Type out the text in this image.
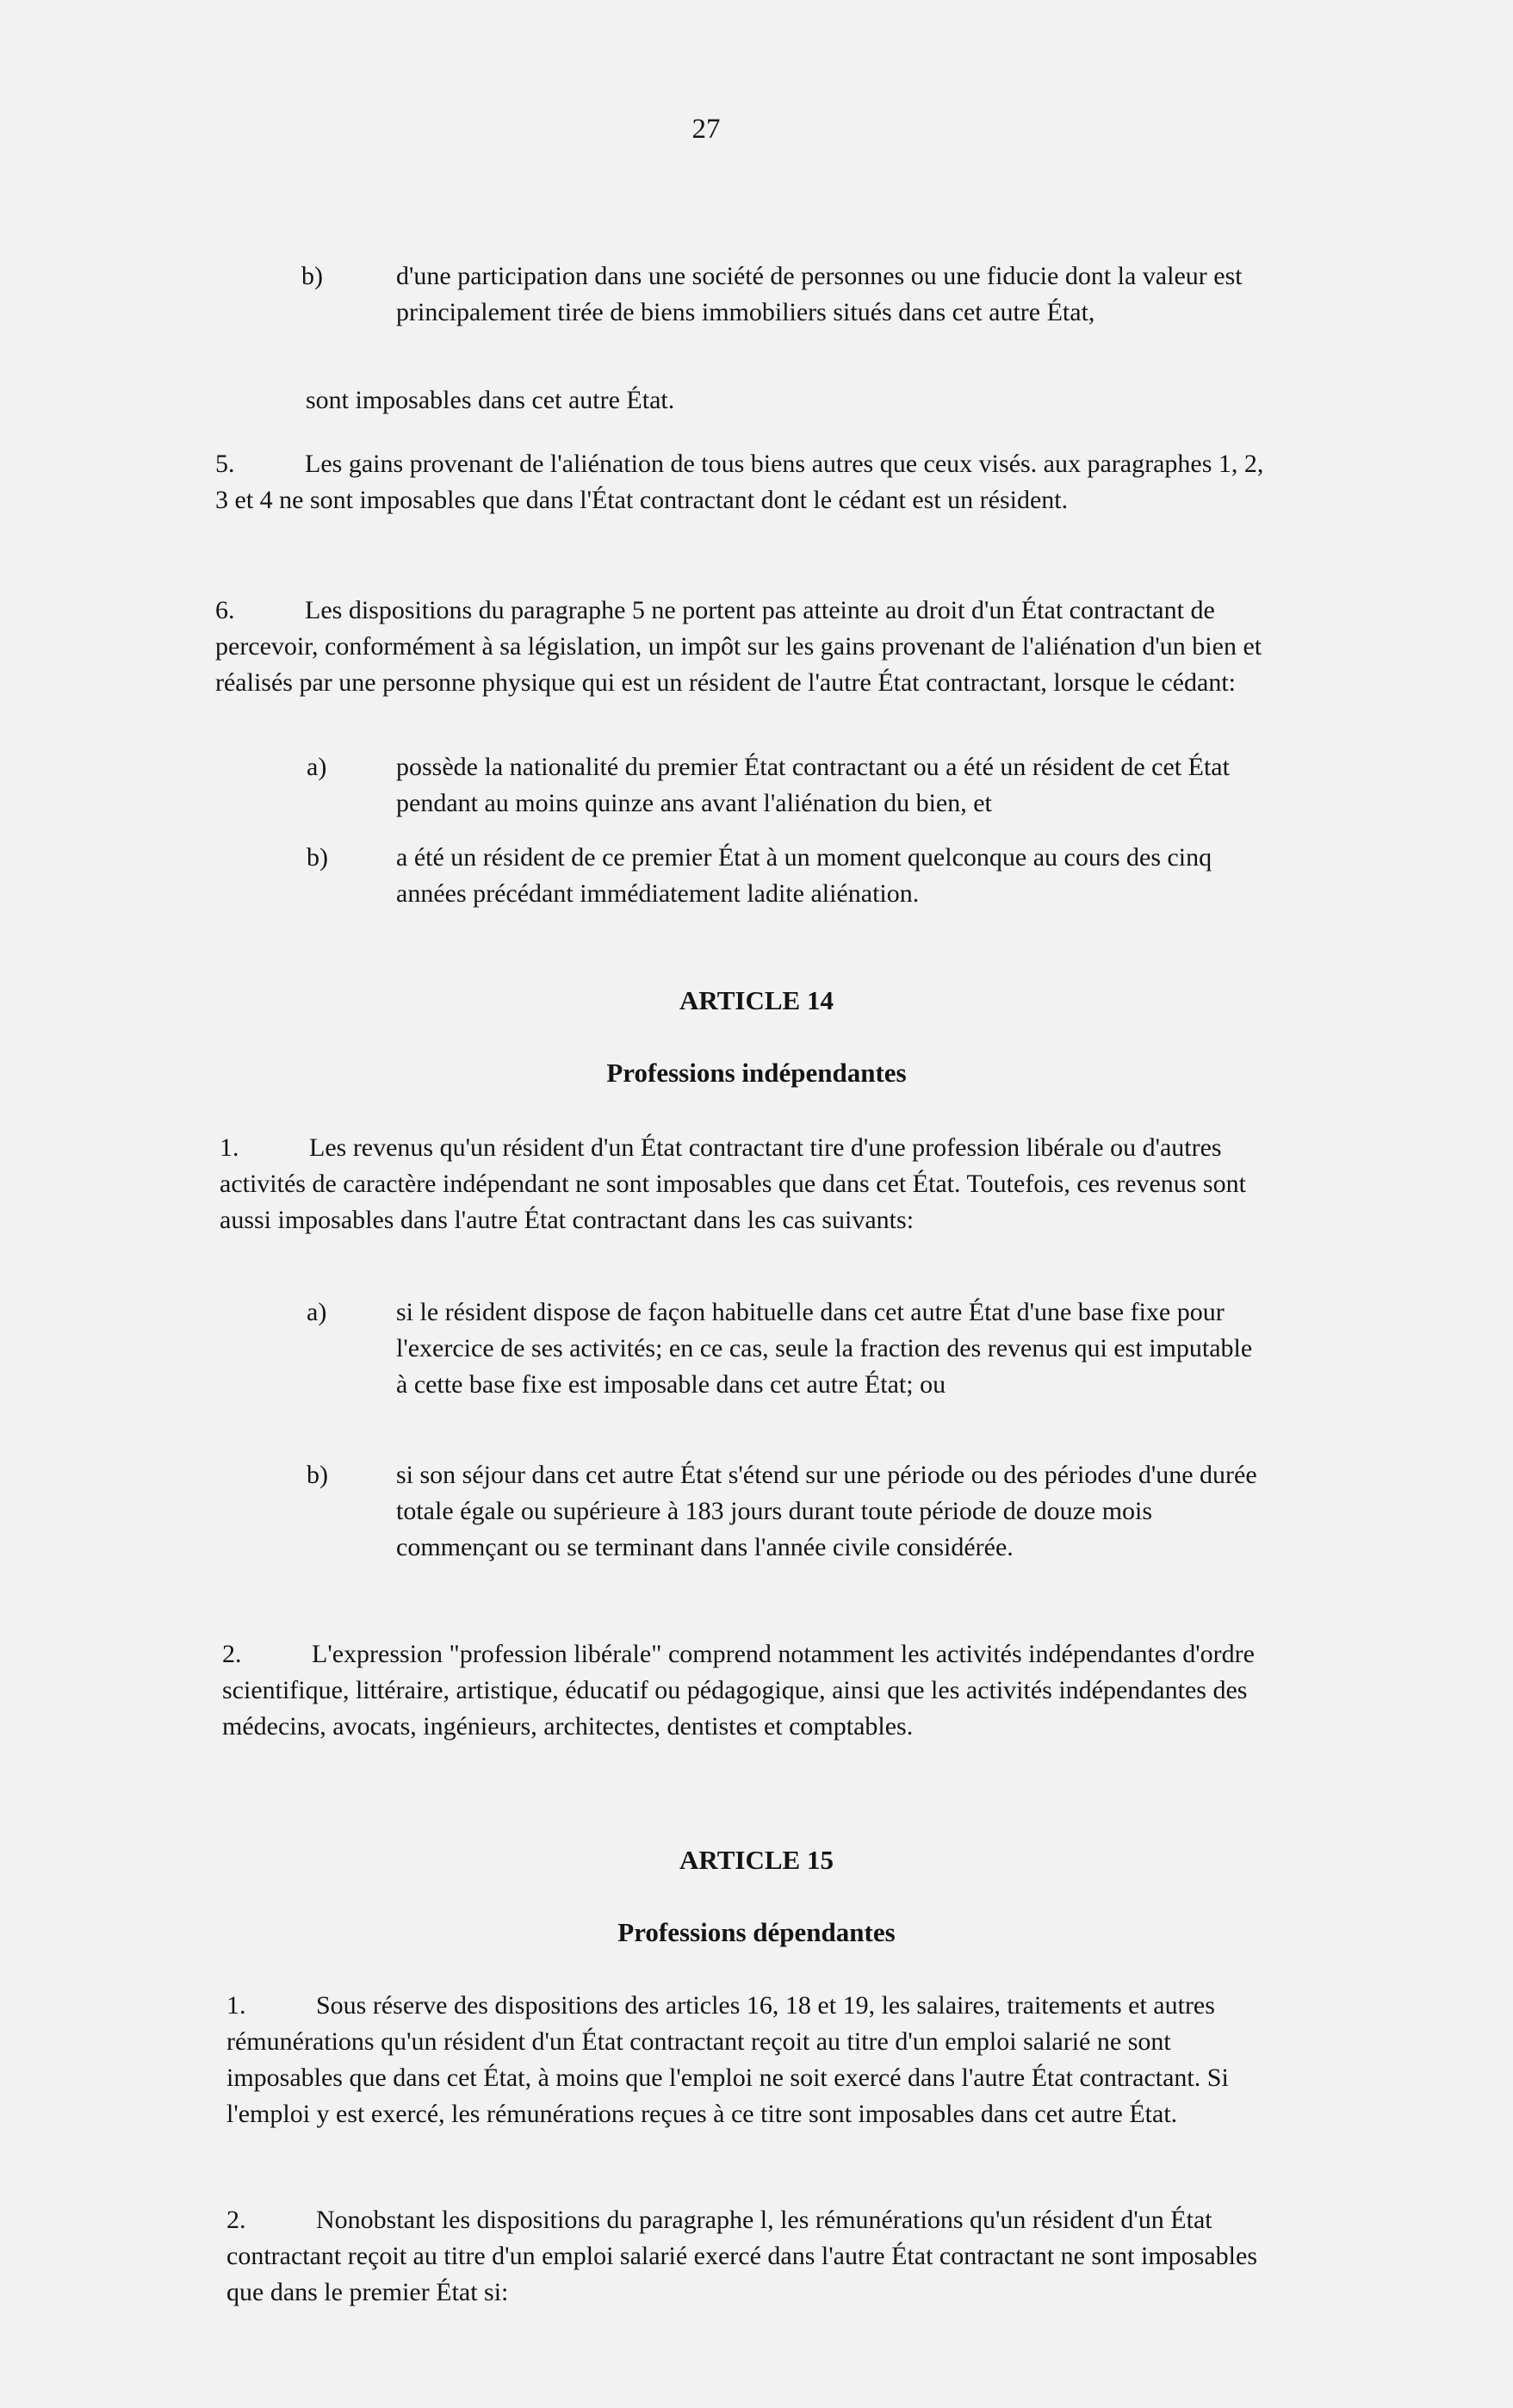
27
b)	d'une participation dans une société de personnes ou une fiducie dont la valeur est principalement tirée de biens immobiliers situés dans cet autre État,
sont imposables dans cet autre État.
5.	Les gains provenant de l'aliénation de tous biens autres que ceux visés. aux paragraphes 1, 2, 3 et 4 ne sont imposables que dans l'État contractant dont le cédant est un résident.
6.	Les dispositions du paragraphe 5 ne portent pas atteinte au droit d'un État contractant de percevoir, conformément à sa législation, un impôt sur les gains provenant de l'aliénation d'un bien et réalisés par une personne physique qui est un résident de l'autre État contractant, lorsque le cédant:
a)	possède la nationalité du premier État contractant ou a été un résident de cet État pendant au moins quinze ans avant l'aliénation du bien, et
b)	a été un résident de ce premier État à un moment quelconque au cours des cinq années précédant immédiatement ladite aliénation.
ARTICLE 14
Professions indépendantes
1.	Les revenus qu'un résident d'un État contractant tire d'une profession libérale ou d'autres activités de caractère indépendant ne sont imposables que dans cet État. Toutefois, ces revenus sont aussi imposables dans l'autre État contractant dans les cas suivants:
a)	si le résident dispose de façon habituelle dans cet autre État d'une base fixe pour l'exercice de ses activités; en ce cas, seule la fraction des revenus qui est imputable à cette base fixe est imposable dans cet autre État; ou
b)	si son séjour dans cet autre État s'étend sur une période ou des périodes d'une durée totale égale ou supérieure à 183 jours durant toute période de douze mois commençant ou se terminant dans l'année civile considérée.
2.	L'expression "profession libérale" comprend notamment les activités indépendantes d'ordre scientifique, littéraire, artistique, éducatif ou pédagogique, ainsi que les activités indépendantes des médecins, avocats, ingénieurs, architectes, dentistes et comptables.
ARTICLE 15
Professions dépendantes
1.	Sous réserve des dispositions des articles 16, 18 et 19, les salaires, traitements et autres rémunérations qu'un résident d'un État contractant reçoit au titre d'un emploi salarié ne sont imposables que dans cet État, à moins que l'emploi ne soit exercé dans l'autre État contractant. Si l'emploi y est exercé, les rémunérations reçues à ce titre sont imposables dans cet autre État.
2.	Nonobstant les dispositions du paragraphe l, les rémunérations qu'un résident d'un État contractant reçoit au titre d'un emploi salarié exercé dans l'autre État contractant ne sont imposables que dans le premier État si:
